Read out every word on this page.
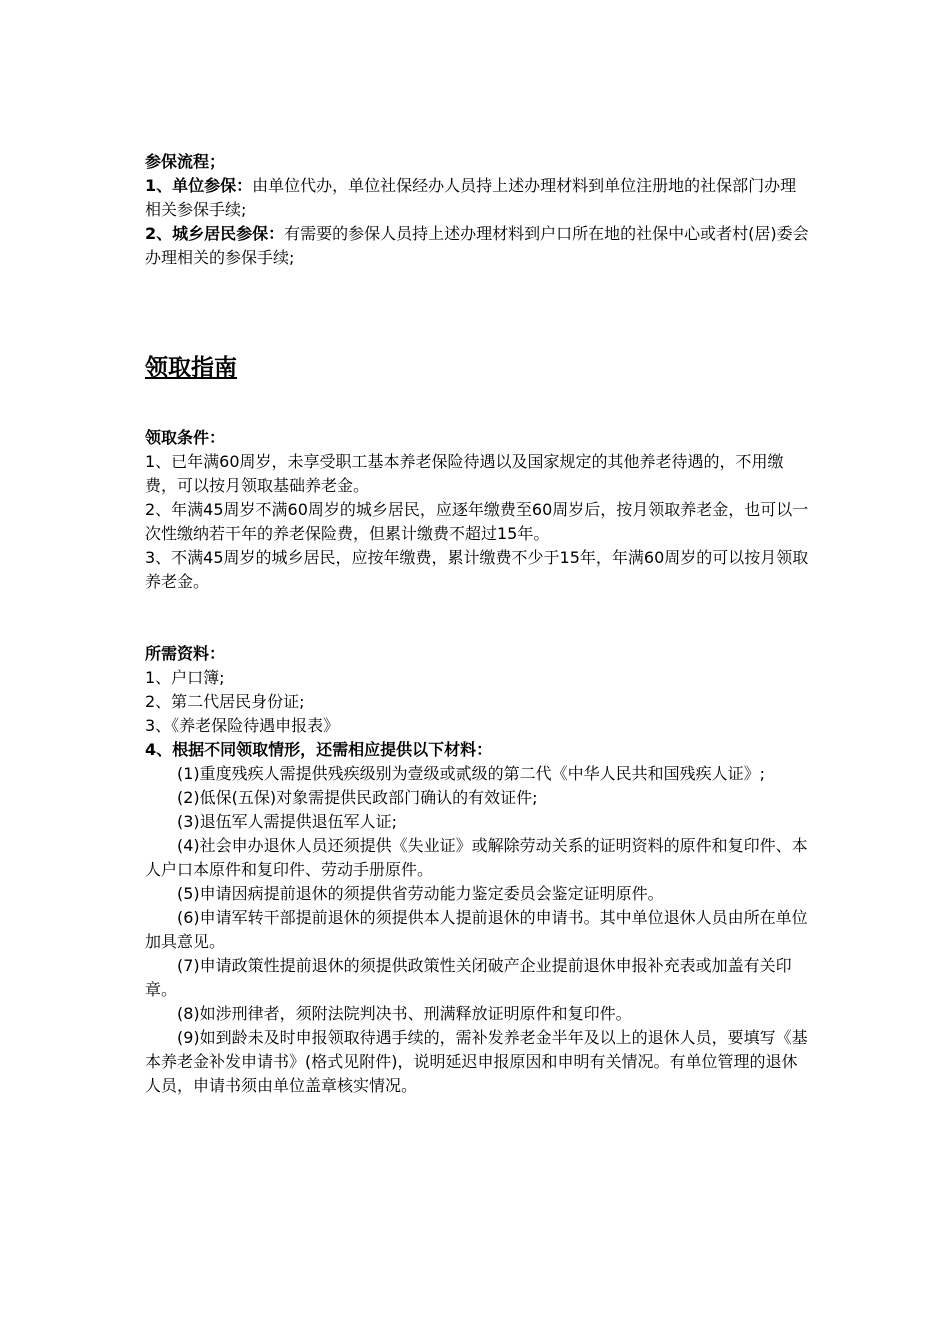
参保流程；

1、单位参保：由单位代办，单位社保经办人员持上述办理材料到单位注册地的社保部门办理相关参保手续;

2、城乡居民参保：有需要的参保人员持上述办理材料到户口所在地的社保中心或者村(居)委会办理相关的参保手续;

领取指南

领取条件：

1、已年满60周岁，未享受职工基本养老保险待遇以及国家规定的其他养老待遇的，不用缴费，可以按月领取基础养老金。

2、年满45周岁不满60周岁的城乡居民，应逐年缴费至60周岁后，按月领取养老金，也可以一次性缴纳若干年的养老保险费，但累计缴费不超过15年。

3、不满45周岁的城乡居民，应按年缴费，累计缴费不少于15年，年满60周岁的可以按月领取养老金。

所需资料：

1、户口簿;

2、第二代居民身份证;

3、《养老保险待遇申报表》

4、根据不同领取情形，还需相应提供以下材料：

(1)重度残疾人需提供残疾级别为壹级或贰级的第二代《中华人民共和国残疾人证》;

(2)低保(五保)对象需提供民政部门确认的有效证件;

(3)退伍军人需提供退伍军人证;

(4)社会申办退休人员还须提供《失业证》或解除劳动关系的证明资料的原件和复印件、本人户口本原件和复印件、劳动手册原件。

(5)申请因病提前退休的须提供省劳动能力鉴定委员会鉴定证明原件。

(6)申请军转干部提前退休的须提供本人提前退休的申请书。其中单位退休人员由所在单位加具意见。

(7)申请政策性提前退休的须提供政策性关闭破产企业提前退休申报补充表或加盖有关印章。

(8)如涉刑律者，须附法院判决书、刑满释放证明原件和复印件。

(9)如到龄未及时申报领取待遇手续的，需补发养老金半年及以上的退休人员，要填写《基本养老金补发申请书》(格式见附件)，说明延迟申报原因和申明有关情况。有单位管理的退休人员，申请书须由单位盖章核实情况。
